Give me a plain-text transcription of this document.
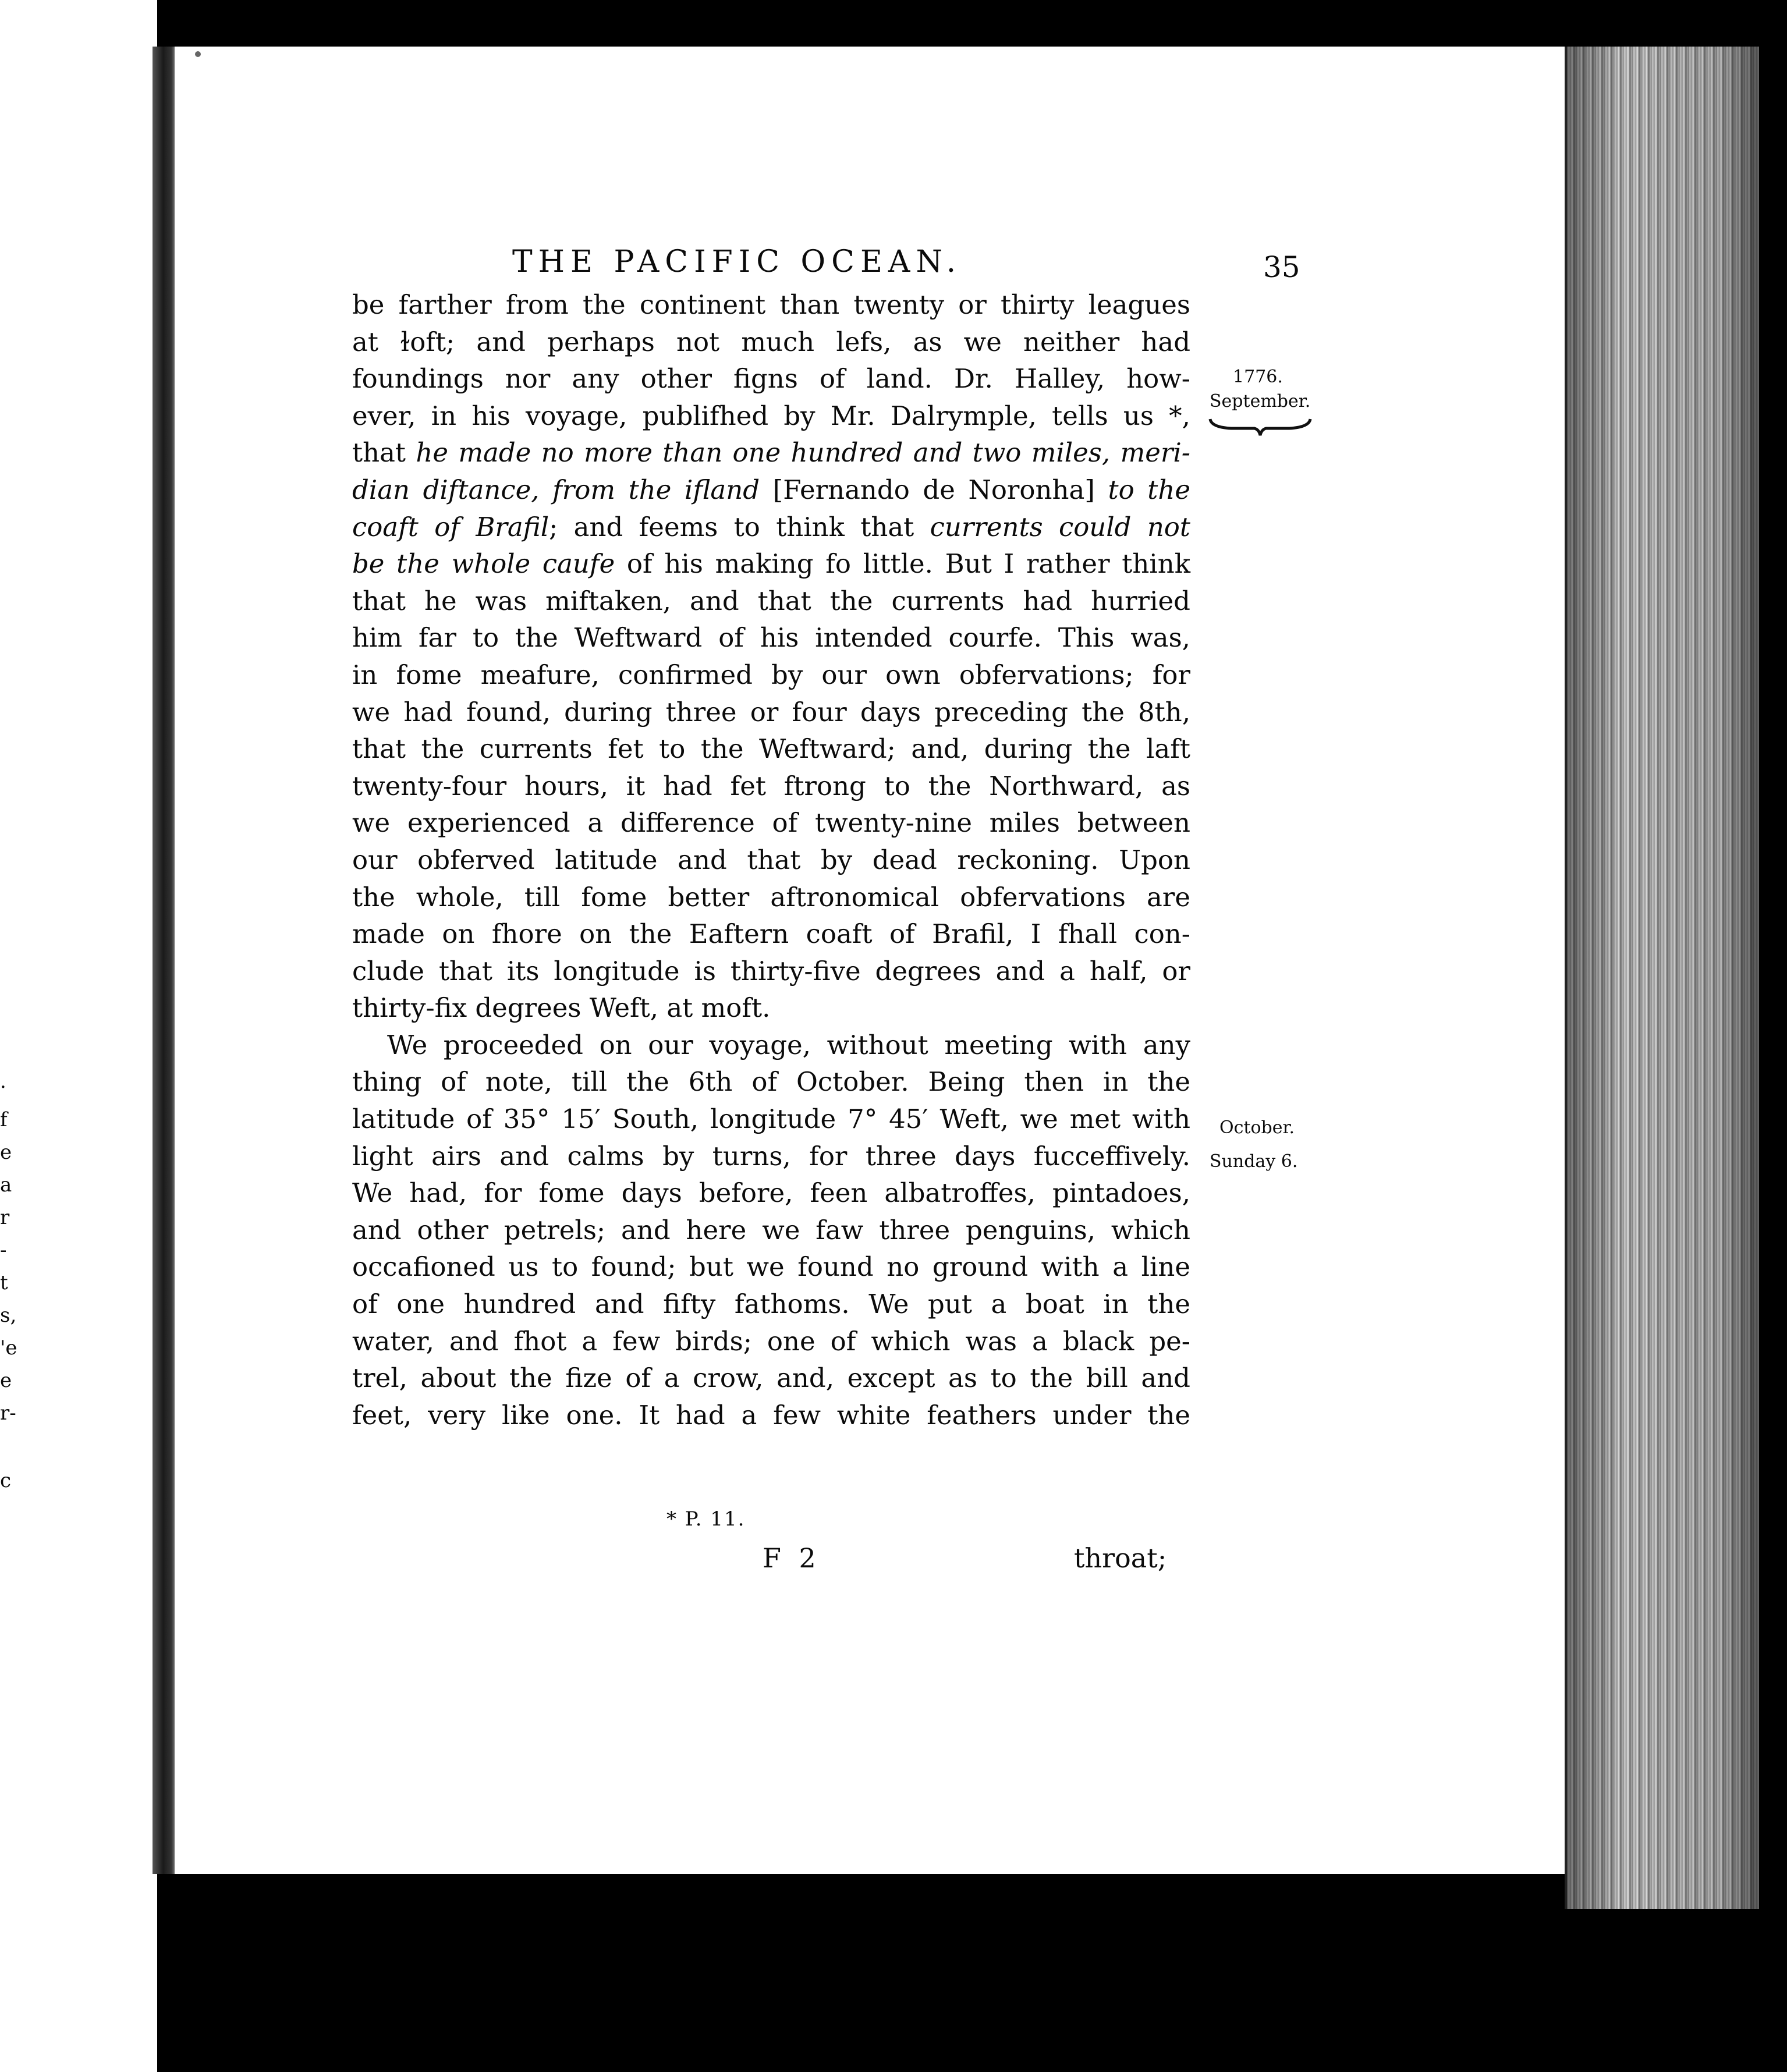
·
f
e
a
r
-
t
s,
'e
e
r-
c
THE PACIFIC OCEAN.	35
1776.
September.
October.
Sunday 6.
be farther from the continent than twenty or thirty leagues
at ɫoft; and perhaps not much lefs, as we neither had
foundings nor any other figns of land. Dr. Halley, how-
ever, in his voyage, publifhed by Mr. Dalrymple, tells us *,
that he made no more than one hundred and two miles, meri-
dian diftance, from the ifland [Fernando de Noronha] to the
coaft of Brafil; and feems to think that currents could not
be the whole caufe of his making fo little. But I rather think
that he was miftaken, and that the currents had hurried
him far to the Weftward of his intended courfe. This was,
in fome meafure, confirmed by our own obfervations; for
we had found, during three or four days preceding the 8th,
that the currents fet to the Weftward; and, during the laft
twenty-four hours, it had fet ftrong to the Northward, as
we experienced a difference of twenty-nine miles between
our obferved latitude and that by dead reckoning. Upon
the whole, till fome better aftronomical obfervations are
made on fhore on the Eaftern coaft of Brafil, I fhall con-
clude that its longitude is thirty-five degrees and a half, or
thirty-fix degrees Weft, at moft.
We proceeded on our voyage, without meeting with any
thing of note, till the 6th of October. Being then in the
latitude of 35° 15′ South, longitude 7° 45′ Weft, we met with
light airs and calms by turns, for three days fucceffively.
We had, for fome days before, feen albatroffes, pintadoes,
and other petrels; and here we faw three penguins, which
occafioned us to found; but we found no ground with a line
of one hundred and fifty fathoms. We put a boat in the
water, and fhot a few birds; one of which was a black pe-
trel, about the fize of a crow, and, except as to the bill and
feet, very like one. It had a few white feathers under the
* P. 11.
F 2	throat;
